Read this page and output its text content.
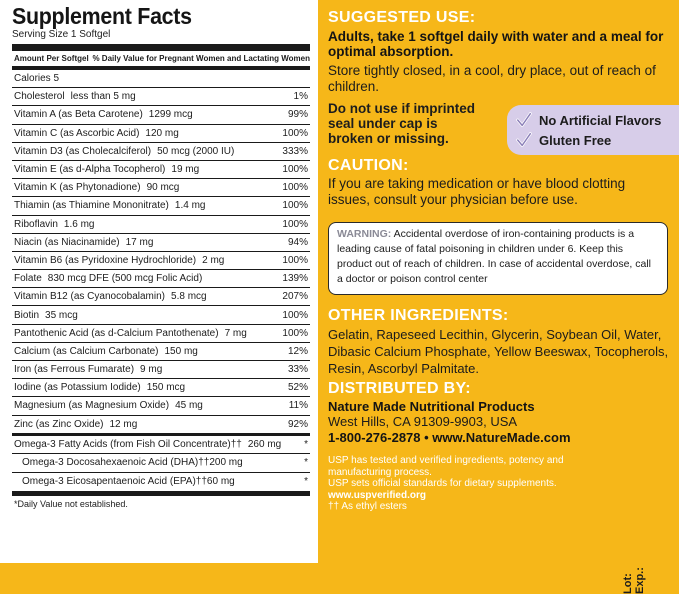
Supplement Facts
Serving Size 1 Softgel
Amount Per Softgel % Daily Value for Pregnant Women and Lactating Women
Calories 5
Cholesterol less than 5 mg	1%
Vitamin A (as Beta Carotene) 1299 mcg	99%
Vitamin C (as Ascorbic Acid) 120 mg	100%
Vitamin D3 (as Cholecalciferol) 50 mcg (2000 IU)	333%
Vitamin E (as d-Alpha Tocopherol) 19 mg	100%
Vitamin K (as Phytonadione) 90 mcg	100%
Thiamin (as Thiamine Mononitrate) 1.4 mg	100%
Riboflavin 1.6 mg	100%
Niacin (as Niacinamide) 17 mg	94%
Vitamin B6 (as Pyridoxine Hydrochloride) 2 mg	100%
Folate 830 mcg DFE (500 mcg Folic Acid)	139%
Vitamin B12 (as Cyanocobalamin) 5.8 mcg	207%
Biotin 35 mcg	100%
Pantothenic Acid (as d-Calcium Pantothenate) 7 mg	100%
Calcium (as Calcium Carbonate) 150 mg	12%
Iron (as Ferrous Fumarate) 9 mg	33%
Iodine (as Potassium Iodide) 150 mcg	52%
Magnesium (as Magnesium Oxide) 45 mg	11%
Zinc (as Zinc Oxide) 12 mg	92%
Omega-3 Fatty Acids (from Fish Oil Concentrate)†† 260 mg *
Omega-3 Docosahexaenoic Acid (DHA)††200 mg	*
Omega-3 Eicosapentaenoic Acid (EPA)††60 mg	*
*Daily Value not established.
SUGGESTED USE:
Adults, take 1 softgel daily with water and a meal for optimal absorption.
Store tightly closed, in a cool, dry place, out of reach of children.
Do not use if imprinted seal under cap is broken or missing.
No Artificial Flavors
Gluten Free
CAUTION:
If you are taking medication or have blood clotting issues, consult your physician before use.
WARNING: Accidental overdose of iron-containing products is a leading cause of fatal poisoning in children under 6. Keep this product out of reach of children. In case of accidental overdose, call a doctor or poison control center
OTHER INGREDIENTS:
Gelatin, Rapeseed Lecithin, Glycerin, Soybean Oil, Water, Dibasic Calcium Phosphate, Yellow Beeswax, Tocopherols, Resin, Ascorbyl Palmitate.
DISTRIBUTED BY:
Nature Made Nutritional Products
West Hills, CA 91309-9903, USA
1-800-276-2878 • www.NatureMade.com
USP has tested and verified ingredients, potency and manufacturing process.
USP sets official standards for dietary supplements.
www.uspverified.org
†† As ethyl esters
Lot: Exp.:
